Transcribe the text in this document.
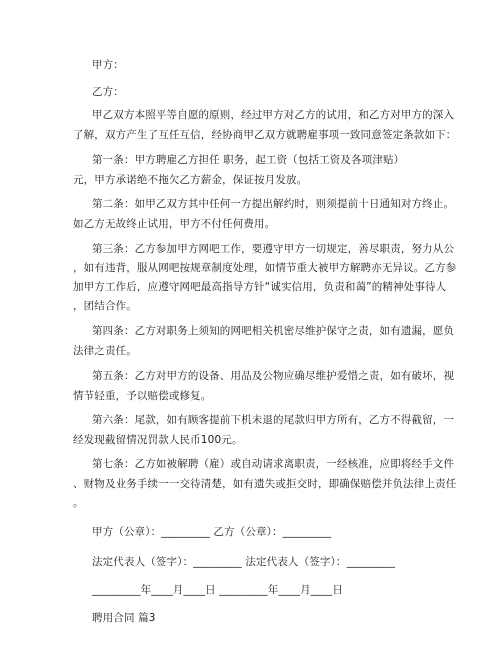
甲方：
乙方：
甲乙双方本照平等自愿的原则，经过甲方对乙方的试用，和乙方对甲方的深入
了解，双方产生了互任互信，经协商甲乙双方就聘雇事项一致同意签定条款如下：
第一条：甲方聘雇乙方担任 职务，起工资（包括工资及各项津贴）
元，甲方承诺绝不拖欠乙方薪金，保证按月发放。
第二条：如甲乙双方其中任何一方提出解约时，则须提前十日通知对方终止。
如乙方无故终止试用，甲方不付任何费用。
第三条：乙方参加甲方网吧工作，要遵守甲方一切规定，善尽职责，努力从公
，如有违背，服从网吧按规章制度处理，如情节重大被甲方解聘亦无异议。乙方参
加甲方工作后，应遵守网吧最高指导方针“诚实信用，负责和蔼”的精神处事待人
，团结合作。
第四条：乙方对职务上须知的网吧相关机密尽维护保守之责，如有遗漏，愿负
法律之责任。
第五条：乙方对甲方的设备、用品及公物应确尽维护爱惜之责，如有破坏，视
情节轻重，予以赔偿或修复。
第六条：尾款，如有顾客提前下机未退的尾款归甲方所有，乙方不得截留，一
经发现截留情况罚款人民币100元。
第七条：乙方如被解聘（雇）或自动请求离职责，一经核准，应即将经手文件
、财物及业务手续一一交待清楚，如有遗失或拒交时，即确保赔偿并负法律上责任
。
甲方（公章）：_________ 乙方（公章）：_________
法定代表人（签字）：_________ 法定代表人（签字）：_________
_________年____月____日 _________年____月____日
聘用合同 篇3
